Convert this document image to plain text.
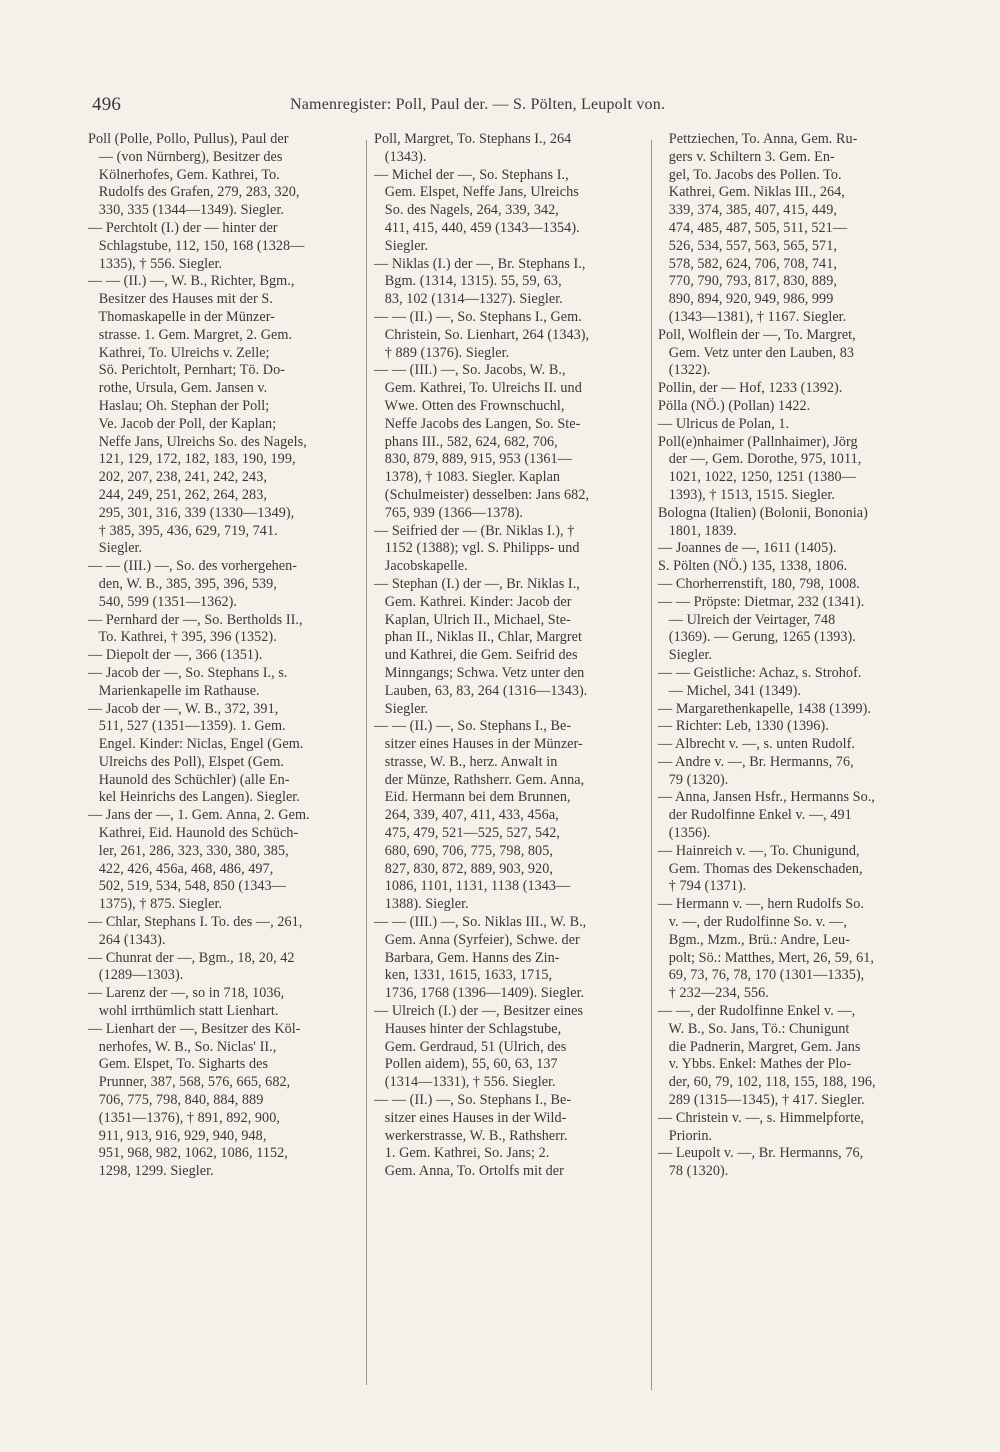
496	Namenregister: Poll, Paul der. — S. Pölten, Leupolt von.
Poll (Polle, Pollo, Pullus), Paul der
— (von Nürnberg), Besitzer des
Kölnerhofes, Gem. Kathrei, To.
Rudolfs des Grafen, 279, 283, 320,
330, 335 (1344—1349). Siegler.
— Perchtolt (I.) der — hinter der
Schlagstube, 112, 150, 168 (1328—
1335), † 556. Siegler.
— — (II.) —, W. B., Richter, Bgm.,
Besitzer des Hauses mit der S.
Thomaskapelle in der Münzer-
strasse. 1. Gem. Margret, 2. Gem.
Kathrei, To. Ulreichs v. Zelle;
Sö. Perichtolt, Pernhart; Tö. Do-
rothe, Ursula, Gem. Jansen v.
Haslau; Oh. Stephan der Poll;
Ve. Jacob der Poll, der Kaplan;
Neffe Jans, Ulreichs So. des Nagels,
121, 129, 172, 182, 183, 190, 199,
202, 207, 238, 241, 242, 243,
244, 249, 251, 262, 264, 283,
295, 301, 316, 339 (1330—1349),
† 385, 395, 436, 629, 719, 741.
Siegler.
— — (III.) —, So. des vorhergehen-
den, W. B., 385, 395, 396, 539,
540, 599 (1351—1362).
— Pernhard der —, So. Bertholds II.,
To. Kathrei, † 395, 396 (1352).
— Diepolt der —, 366 (1351).
— Jacob der —, So. Stephans I., s.
Marienkapelle im Rathause.
— Jacob der —, W. B., 372, 391,
511, 527 (1351—1359). 1. Gem.
Engel. Kinder: Niclas, Engel (Gem.
Ulreichs des Poll), Elspet (Gem.
Haunold des Schüchler) (alle En-
kel Heinrichs des Langen). Siegler.
— Jans der —, 1. Gem. Anna, 2. Gem.
Kathrei, Eid. Haunold des Schüch-
ler, 261, 286, 323, 330, 380, 385,
422, 426, 456a, 468, 486, 497,
502, 519, 534, 548, 850 (1343—
1375), † 875. Siegler.
— Chlar, Stephans I. To. des —, 261,
264 (1343).
— Chunrat der —, Bgm., 18, 20, 42
(1289—1303).
— Larenz der —, so in 718, 1036,
wohl irrthümlich statt Lienhart.
— Lienhart der —, Besitzer des Köl-
nerhofes, W. B., So. Niclas' II.,
Gem. Elspet, To. Sigharts des
Prunner, 387, 568, 576, 665, 682,
706, 775, 798, 840, 884, 889
(1351—1376), † 891, 892, 900,
911, 913, 916, 929, 940, 948,
951, 968, 982, 1062, 1086, 1152,
1298, 1299. Siegler.
Poll, Margret, To. Stephans I., 264
(1343).
— Michel der —, So. Stephans I.,
Gem. Elspet, Neffe Jans, Ulreichs
So. des Nagels, 264, 339, 342,
411, 415, 440, 459 (1343—1354).
Siegler.
— Niklas (I.) der —, Br. Stephans I.,
Bgm. (1314, 1315). 55, 59, 63,
83, 102 (1314—1327). Siegler.
— — (II.) —, So. Stephans I., Gem.
Christein, So. Lienhart, 264 (1343),
† 889 (1376). Siegler.
— — (III.) —, So. Jacobs, W. B.,
Gem. Kathrei, To. Ulreichs II. und
Wwe. Otten des Frownschuchl,
Neffe Jacobs des Langen, So. Ste-
phans III., 582, 624, 682, 706,
830, 879, 889, 915, 953 (1361—
1378), † 1083. Siegler. Kaplan
(Schulmeister) desselben: Jans 682,
765, 939 (1366—1378).
— Seifried der — (Br. Niklas I.), †
1152 (1388); vgl. S. Philipps- und
Jacobskapelle.
— Stephan (I.) der —, Br. Niklas I.,
Gem. Kathrei. Kinder: Jacob der
Kaplan, Ulrich II., Michael, Ste-
phan II., Niklas II., Chlar, Margret
und Kathrei, die Gem. Seifrid des
Minngangs; Schwa. Vetz unter den
Lauben, 63, 83, 264 (1316—1343).
Siegler.
— — (II.) —, So. Stephans I., Be-
sitzer eines Hauses in der Münzer-
strasse, W. B., herz. Anwalt in
der Münze, Rathsherr. Gem. Anna,
Eid. Hermann bei dem Brunnen,
264, 339, 407, 411, 433, 456a,
475, 479, 521—525, 527, 542,
680, 690, 706, 775, 798, 805,
827, 830, 872, 889, 903, 920,
1086, 1101, 1131, 1138 (1343—
1388). Siegler.
— — (III.) —, So. Niklas III., W. B.,
Gem. Anna (Syrfeier), Schwe. der
Barbara, Gem. Hanns des Zin-
ken, 1331, 1615, 1633, 1715,
1736, 1768 (1396—1409). Siegler.
— Ulreich (I.) der —, Besitzer eines
Hauses hinter der Schlagstube,
Gem. Gerdraud, 51 (Ulrich, des
Pollen aidem), 55, 60, 63, 137
(1314—1331), † 556. Siegler.
— — (II.) —, So. Stephans I., Be-
sitzer eines Hauses in der Wild-
werkerstrasse, W. B., Rathsherr.
1. Gem. Kathrei, So. Jans; 2.
Gem. Anna, To. Ortolfs mit der
Pettziechen, To. Anna, Gem. Ru-
gers v. Schiltern 3. Gem. En-
gel, To. Jacobs des Pollen. To.
Kathrei, Gem. Niklas III., 264,
339, 374, 385, 407, 415, 449,
474, 485, 487, 505, 511, 521—
526, 534, 557, 563, 565, 571,
578, 582, 624, 706, 708, 741,
770, 790, 793, 817, 830, 889,
890, 894, 920, 949, 986, 999
(1343—1381), † 1167. Siegler.
Poll, Wolflein der —, To. Margret,
Gem. Vetz unter den Lauben, 83
(1322).
Pollin, der — Hof, 1233 (1392).
Pölla (NÖ.) (Pollan) 1422.
— Ulricus de Polan, 1.
Poll(e)nhaimer (Pallnhaimer), Jörg
der —, Gem. Dorothe, 975, 1011,
1021, 1022, 1250, 1251 (1380—
1393), † 1513, 1515. Siegler.
Bologna (Italien) (Bolonii, Bononia)
1801, 1839.
— Joannes de —, 1611 (1405).
S. Pölten (NÖ.) 135, 1338, 1806.
— Chorherrenstift, 180, 798, 1008.
— — Pröpste: Dietmar, 232 (1341).
— Ulreich der Veirtager, 748
(1369). — Gerung, 1265 (1393).
Siegler.
— — Geistliche: Achaz, s. Strohof.
— Michel, 341 (1349).
— Margarethenkapelle, 1438 (1399).
— Richter: Leb, 1330 (1396).
— Albrecht v. —, s. unten Rudolf.
— Andre v. —, Br. Hermanns, 76,
79 (1320).
— Anna, Jansen Hsfr., Hermanns So.,
der Rudolfinne Enkel v. —, 491
(1356).
— Hainreich v. —, To. Chunigund,
Gem. Thomas des Dekenschaden,
† 794 (1371).
— Hermann v. —, hern Rudolfs So.
v. —, der Rudolfinne So. v. —,
Bgm., Mzm., Brü.: Andre, Leu-
polt; Sö.: Matthes, Mert, 26, 59, 61,
69, 73, 76, 78, 170 (1301—1335),
† 232—234, 556.
— —, der Rudolfinne Enkel v. —,
W. B., So. Jans, Tö.: Chunigunt
die Padnerin, Margret, Gem. Jans
v. Ybbs. Enkel: Mathes der Plo-
der, 60, 79, 102, 118, 155, 188, 196,
289 (1315—1345), † 417. Siegler.
— Christein v. —, s. Himmelpforte,
Priorin.
— Leupolt v. —, Br. Hermanns, 76,
78 (1320).
